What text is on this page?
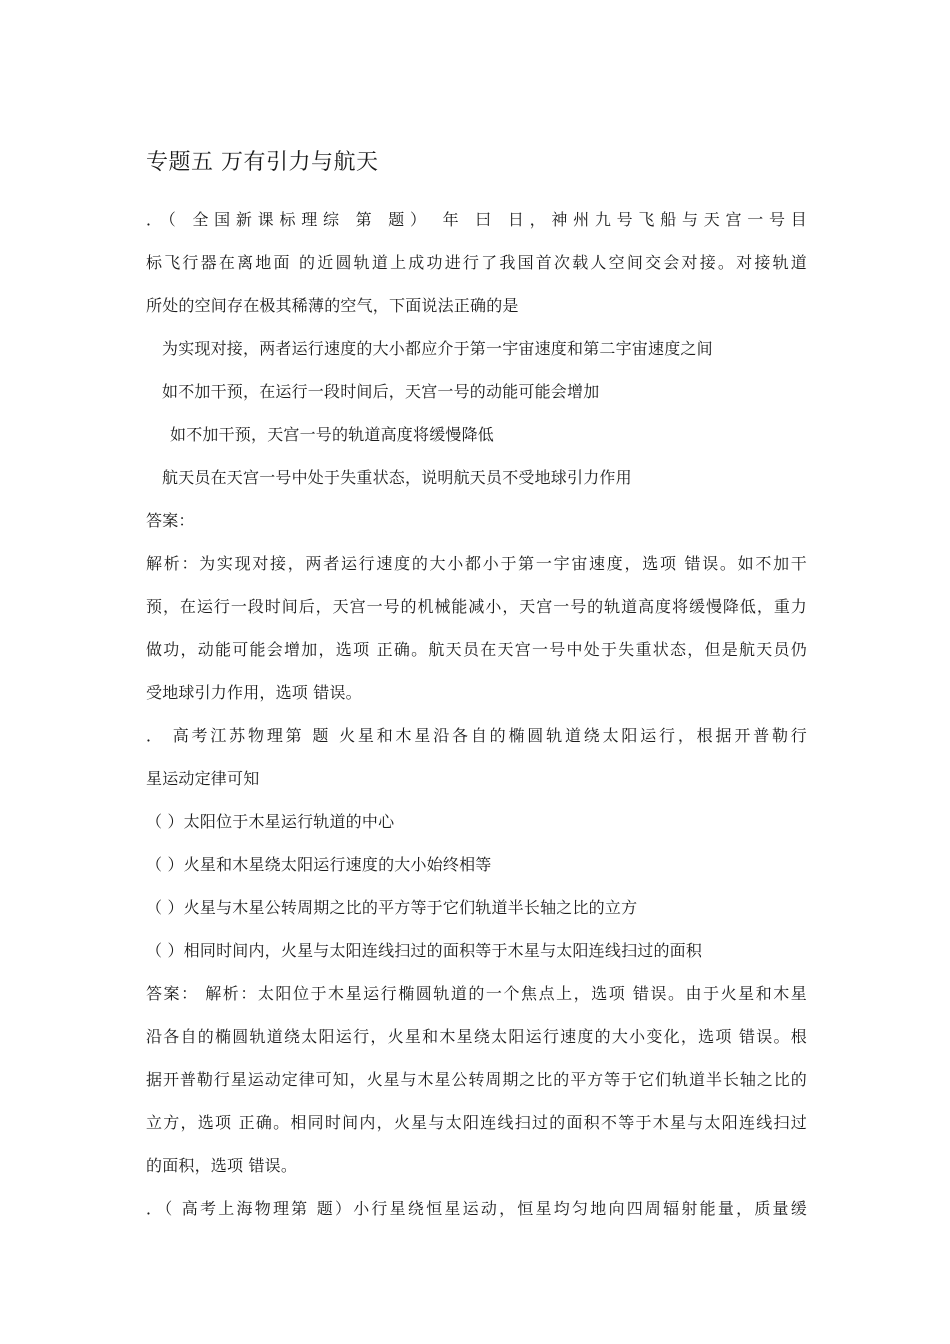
专题五 万有引力与航天
．（ 全国新课标理综 第 题） 年 曰 日，神州九号飞船与天宫一号目
标飞行器在离地面 的近圆轨道上成功进行了我国首次载人空间交会对接。对接轨道
所处的空间存在极其稀薄的空气，下面说法正确的是
为实现对接，两者运行速度的大小都应介于第一宇宙速度和第二宇宙速度之间
如不加干预，在运行一段时间后，天宫一号的动能可能会增加
如不加干预，天宫一号的轨道高度将缓慢降低
航天员在天宫一号中处于失重状态，说明航天员不受地球引力作用
答案：
解析：为实现对接，两者运行速度的大小都小于第一宇宙速度，选项 错误。如不加干
预，在运行一段时间后，天宫一号的机械能减小，天宫一号的轨道高度将缓慢降低，重力
做功，动能可能会增加，选项 正确。航天员在天宫一号中处于失重状态，但是航天员仍
受地球引力作用，选项 错误。
． 高考江苏物理第 题 火星和木星沿各自的椭圆轨道绕太阳运行，根据开普勒行
星运动定律可知
（ ）太阳位于木星运行轨道的中心
（ ）火星和木星绕太阳运行速度的大小始终相等
（ ）火星与木星公转周期之比的平方等于它们轨道半长轴之比的立方
（ ）相同时间内，火星与太阳连线扫过的面积等于木星与太阳连线扫过的面积
答案： 解析：太阳位于木星运行椭圆轨道的一个焦点上，选项 错误。由于火星和木星
沿各自的椭圆轨道绕太阳运行，火星和木星绕太阳运行速度的大小变化，选项 错误。根
据开普勒行星运动定律可知，火星与木星公转周期之比的平方等于它们轨道半长轴之比的
立方，选项 正确。相同时间内，火星与太阳连线扫过的面积不等于木星与太阳连线扫过
的面积，选项 错误。
．（ 高考上海物理第 题）小行星绕恒星运动，恒星均匀地向四周辐射能量，质量缓
